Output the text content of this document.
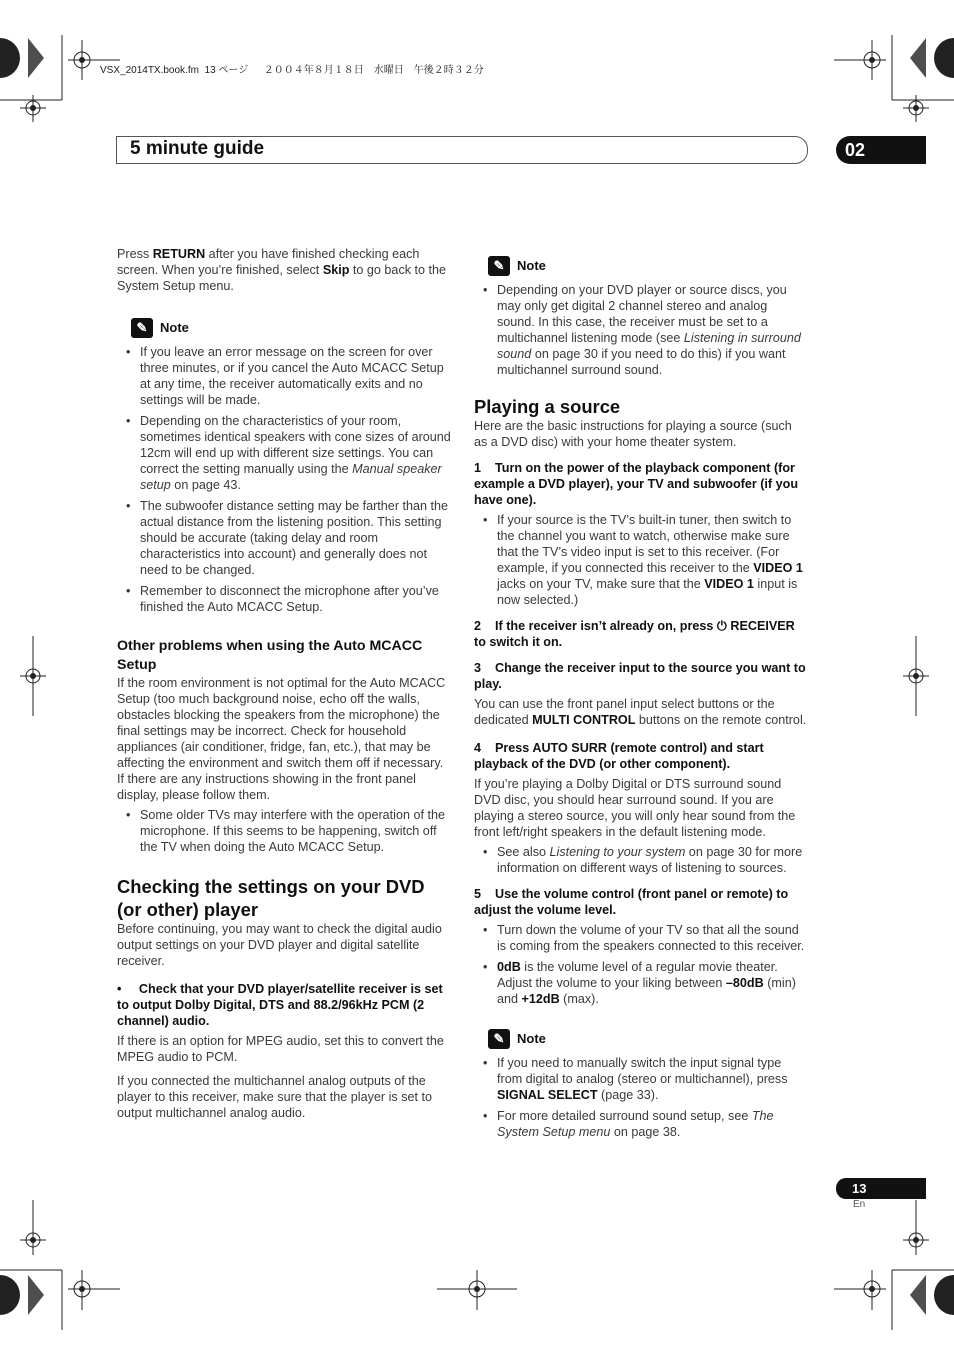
VSX_2014TX.book.fm  13 ページ  　２００４年８月１８日　水曜日　午後２時３２分
5 minute guide	02

Press RETURN after you have finished checking each screen. When you’re finished, select Skip to go back to the System Setup menu.

✎ Note
• If you leave an error message on the screen for over three minutes, or if you cancel the Auto MCACC Setup at any time, the receiver automatically exits and no settings will be made.
• Depending on the characteristics of your room, sometimes identical speakers with cone sizes of around 12cm will end up with different size settings. You can correct the setting manually using the Manual speaker setup on page 43.
• The subwoofer distance setting may be farther than the actual distance from the listening position. This setting should be accurate (taking delay and room characteristics into account) and generally does not need to be changed.
• Remember to disconnect the microphone after you’ve finished the Auto MCACC Setup.
Other problems when using the Auto MCACC Setup

If the room environment is not optimal for the Auto MCACC Setup (too much background noise, echo off the walls, obstacles blocking the speakers from the microphone) the final settings may be incorrect. Check for household appliances (air conditioner, fridge, fan, etc.), that may be affecting the environment and switch them off if necessary. If there are any instructions showing in the front panel display, please follow them.

• Some older TVs may interfere with the operation of the microphone. If this seems to be happening, switch off the TV when doing the Auto MCACC Setup.
Checking the settings on your DVD (or other) player

Before continuing, you may want to check the digital audio output settings on your DVD player and digital satellite receiver.

•     Check that your DVD player/satellite receiver is set to output Dolby Digital, DTS and 88.2/96kHz PCM (2 channel) audio.

If there is an option for MPEG audio, set this to convert the MPEG audio to PCM.

If you connected the multichannel analog outputs of the player to this receiver, make sure that the player is set to output multichannel analog audio.

✎ Note
• Depending on your DVD player or source discs, you may only get digital 2 channel stereo and analog sound. In this case, the receiver must be set to a multichannel listening mode (see Listening in surround sound on page 30 if you need to do this) if you want multichannel surround sound.
Playing a source

Here are the basic instructions for playing a source (such as a DVD disc) with your home theater system.

1    Turn on the power of the playback component (for example a DVD player), your TV and subwoofer (if you have one).

• If your source is the TV’s built-in tuner, then switch to the channel you want to watch, otherwise make sure that the TV’s video input is set to this receiver. (For example, if you connected this receiver to the VIDEO 1 jacks on your TV, make sure that the VIDEO 1 input is now selected.)

2    If the receiver isn’t already on, press ⏻ RECEIVER to switch it on.

3    Change the receiver input to the source you want to play.

You can use the front panel input select buttons or the dedicated MULTI CONTROL buttons on the remote control.

4    Press AUTO SURR (remote control) and start playback of the DVD (or other component).

If you’re playing a Dolby Digital or DTS surround sound DVD disc, you should hear surround sound. If you are playing a stereo source, you will only hear sound from the front left/right speakers in the default listening mode.

• See also Listening to your system on page 30 for more information on different ways of listening to sources.

5    Use the volume control (front panel or remote) to adjust the volume level.

• Turn down the volume of your TV so that all the sound is coming from the speakers connected to this receiver.
• 0dB is the volume level of a regular movie theater. Adjust the volume to your liking between –80dB (min) and +12dB (max).
✎ Note
• If you need to manually switch the input signal type from digital to analog (stereo or multichannel), press SIGNAL SELECT (page 33).
• For more detailed surround sound setup, see The System Setup menu on page 38.
13
En
